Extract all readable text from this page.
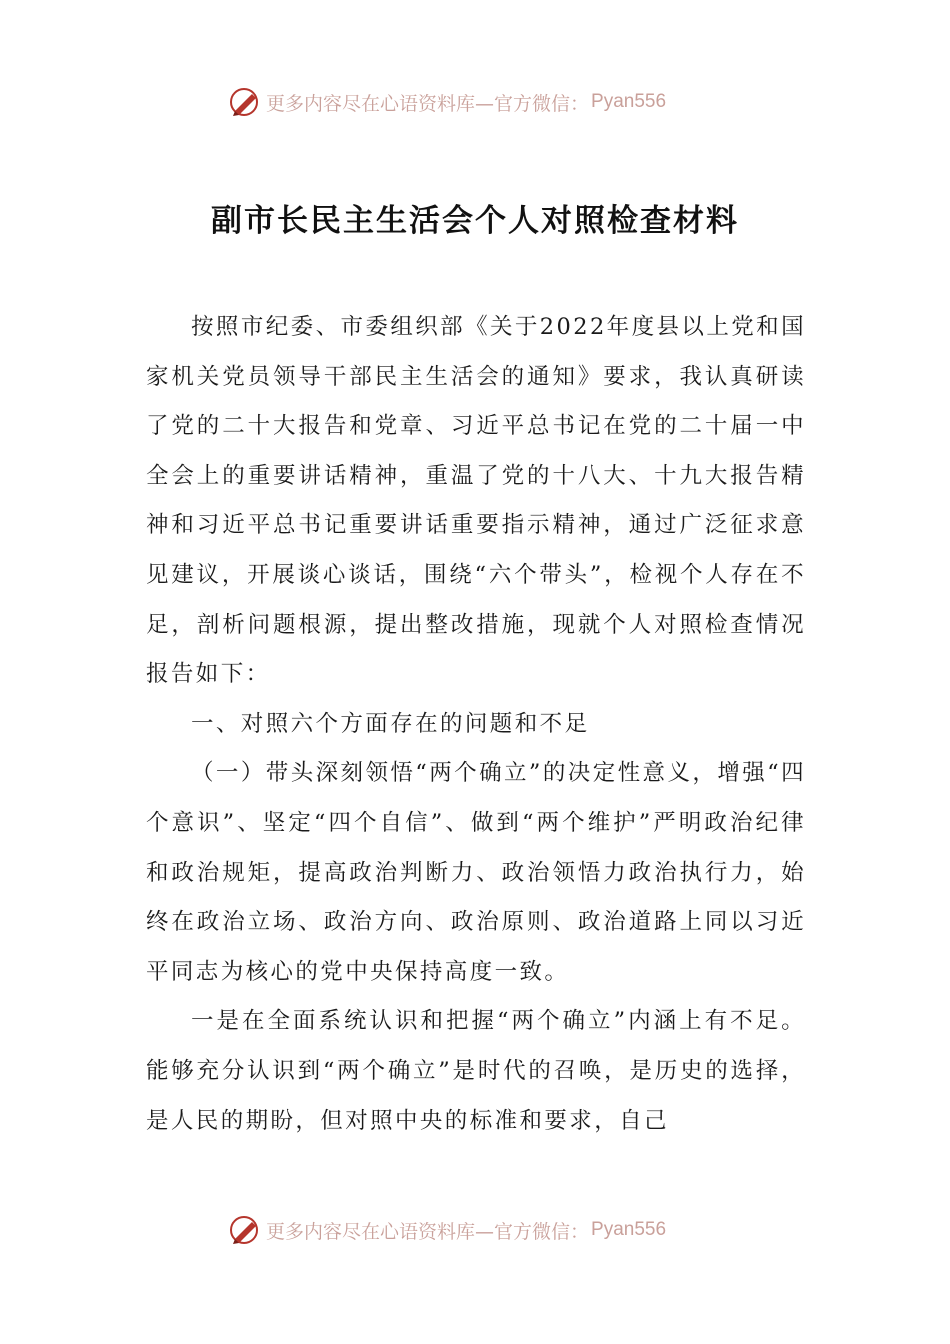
更多内容尽在心语资料库—官方微信： Pyan556
副市长民主生活会个人对照检查材料

按照市纪委、市委组织部《关于2022年度县以上党和国家机关党员领导干部民主生活会的通知》要求，我认真研读了党的二十大报告和党章、习近平总书记在党的二十届一中全会上的重要讲话精神，重温了党的十八大、十九大报告精神和习近平总书记重要讲话重要指示精神，通过广泛征求意见建议，开展谈心谈话，围绕“六个带头”，检视个人存在不足，剖析问题根源，提出整改措施，现就个人对照检查情况报告如下：

一、对照六个方面存在的问题和不足

（一）带头深刻领悟“两个确立”的决定性意义，增强“四个意识”、坚定“四个自信”、做到“两个维护”严明政治纪律和政治规矩，提高政治判断力、政治领悟力政治执行力，始终在政治立场、政治方向、政治原则、政治道路上同以习近平同志为核心的党中央保持高度一致。

一是在全面系统认识和把握“两个确立”内涵上有不足。能够充分认识到“两个确立”是时代的召唤，是历史的选择，是人民的期盼，但对照中央的标准和要求，自己

更多内容尽在心语资料库—官方微信： Pyan556
